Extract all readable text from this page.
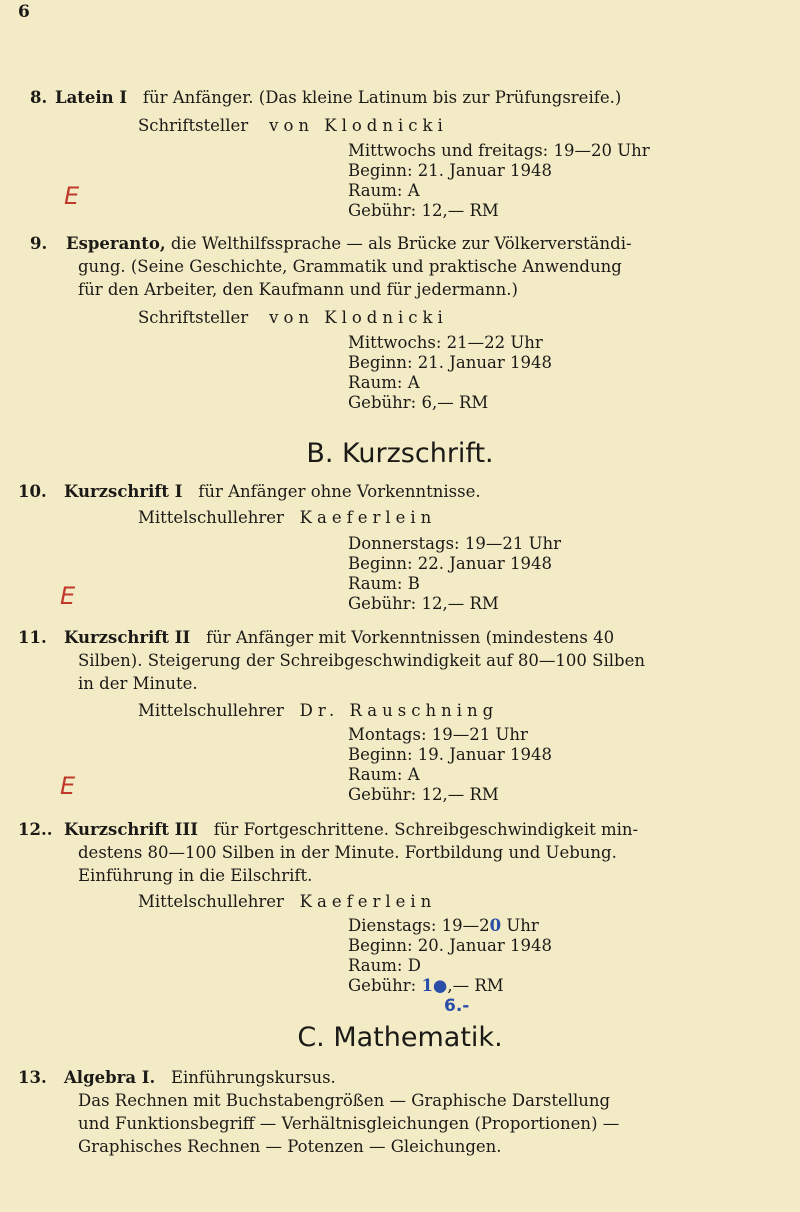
6
8. Latein I für Anfänger. (Das kleine Latinum bis zur Prüfungsreife.)
Schriftsteller von Klodnicki
Mittwochs und freitags: 19—20 Uhr
Beginn: 21. Januar 1948
Raum: A
Gebühr: 12,— RM
E
9. Esperanto, die Welthilfssprache — als Brücke zur Völkerverständi-
gung. (Seine Geschichte, Grammatik und praktische Anwendung
für den Arbeiter, den Kaufmann und für jedermann.)
Schriftsteller von Klodnicki
Mittwochs: 21—22 Uhr
Beginn: 21. Januar 1948
Raum: A
Gebühr: 6,— RM
B. Kurzschrift.
10. Kurzschrift I für Anfänger ohne Vorkenntnisse.
Mittelschullehrer Kaeferlein
Donnerstags: 19—21 Uhr
Beginn: 22. Januar 1948
Raum: B
Gebühr: 12,— RM
E
11. Kurzschrift II für Anfänger mit Vorkenntnissen (mindestens 40
Silben). Steigerung der Schreibgeschwindigkeit auf 80—100 Silben
in der Minute.
Mittelschullehrer Dr. Rauschning
Montags: 19—21 Uhr
Beginn: 19. Januar 1948
Raum: A
Gebühr: 12,— RM
E
12.. Kurzschrift III für Fortgeschrittene. Schreibgeschwindigkeit min-
destens 80—100 Silben in der Minute. Fortbildung und Uebung.
Einführung in die Eilschrift.
Mittelschullehrer Kaeferlein
Dienstags: 19—20 Uhr
Beginn: 20. Januar 1948
Raum: D
Gebühr: 1⁠●,— RM
6.-
C. Mathematik.
13. Algebra I. Einführungskursus.
Das Rechnen mit Buchstabengrößen — Graphische Darstellung
und Funktionsbegriff — Verhältnisgleichungen (Proportionen) —
Graphisches Rechnen — Potenzen — Gleichungen.
